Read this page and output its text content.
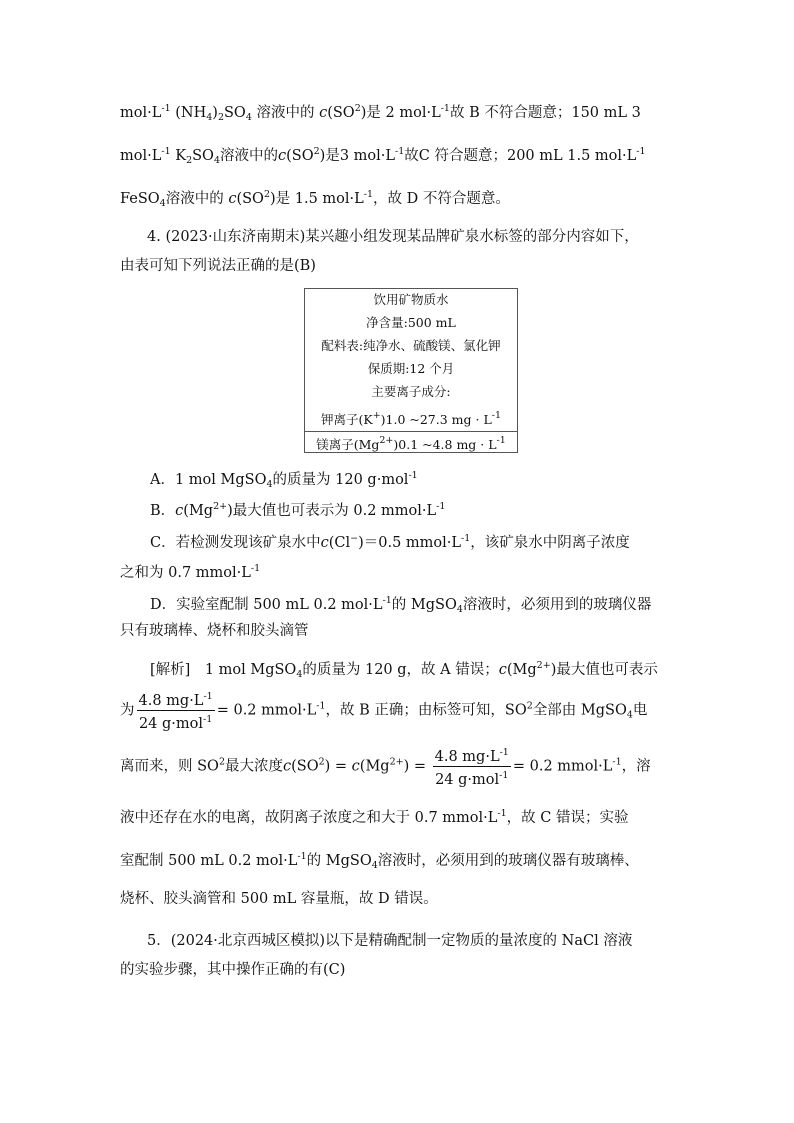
$mol\cdot L^{-1}$ $(NH_4)_2SO_4$ 溶液中的 $c(SO^2)$是 2 $mol\cdot L^{-1}$故 B 不符合题意；150 mL 3
$mol\cdot L^{-1}$ $K_2SO_4$溶液中的$c(SO^2)$是3 $mol\cdot L^{-1}$故C 符合题意；200 mL 1.5 $mol\cdot L^{-1}$
FeSO$_4$溶液中的 $c(SO^2)$是 1.5 $mol\cdot L^{-1}$，故 D 不符合题意。
4. (2023·山东济南期末)某兴趣小组发现某品牌矿泉水标签的部分内容如下，
由表可知下列说法正确的是(B)
饮用矿物质水
净含量:500 mL
配料表:纯净水、硫酸镁、氯化钾
保质期:12 个月
主要离子成分:
钾离子(K+)1.0 ~27.3 mg · $L^{-1}$
镁离子$(Mg^{2+})0.1$ ~4.8 mg · $L^{-1}$
A．1 mol MgSO$_4$的质量为 120 g·mol$^{-1}$
B．$c(Mg^{2+})$最大值也可表示为 0.2 $mmol\cdot L^{-1}$
C．若检测发现该矿泉水中c(Cl−)＝0.5 $mmol\cdot L^{-1}$，该矿泉水中阴离子浓度
之和为 0.7 $mmol\cdot L^{-1}$
D．实验室配制 500 mL 0.2 $mol\cdot L^{-1}$的 MgSO$_4$溶液时，必须用到的玻璃仪器
只有玻璃棒、烧杯和胶头滴管
[解析]　1 mol MgSO$_4$的质量为 120 g，故 A 错误；$c(Mg^{2+})$最大值也可表示
为 $\frac{4.8 mg\cdot L^{-1}}{24 g\cdot mol^{-1}} = 0.2$ $mmol\cdot L^{-1}$，故 B 正确；由标签可知，$SO^2$全部由 MgSO$_4$电
离而来，则 $SO^2$最大浓度$c(SO^2) = c(Mg^{2+}) = \frac{4.8 mg\cdot L^{-1}}{24 g\cdot mol^{-1}} = 0.2$ $mmol\cdot L^{-1}$，溶
液中还存在水的电离，故阴离子浓度之和大于 0.7 $mmol\cdot L^{-1}$，故 C 错误；实验
室配制 500 mL 0.2 $mol\cdot L^{-1}$的 MgSO$_4$溶液时，必须用到的玻璃仪器有玻璃棒、
烧杯、胶头滴管和 500 mL 容量瓶，故 D 错误。
5．(2024·北京西城区模拟)以下是精确配制一定物质的量浓度的 NaCl 溶液
的实验步骤，其中操作正确的有(C)
